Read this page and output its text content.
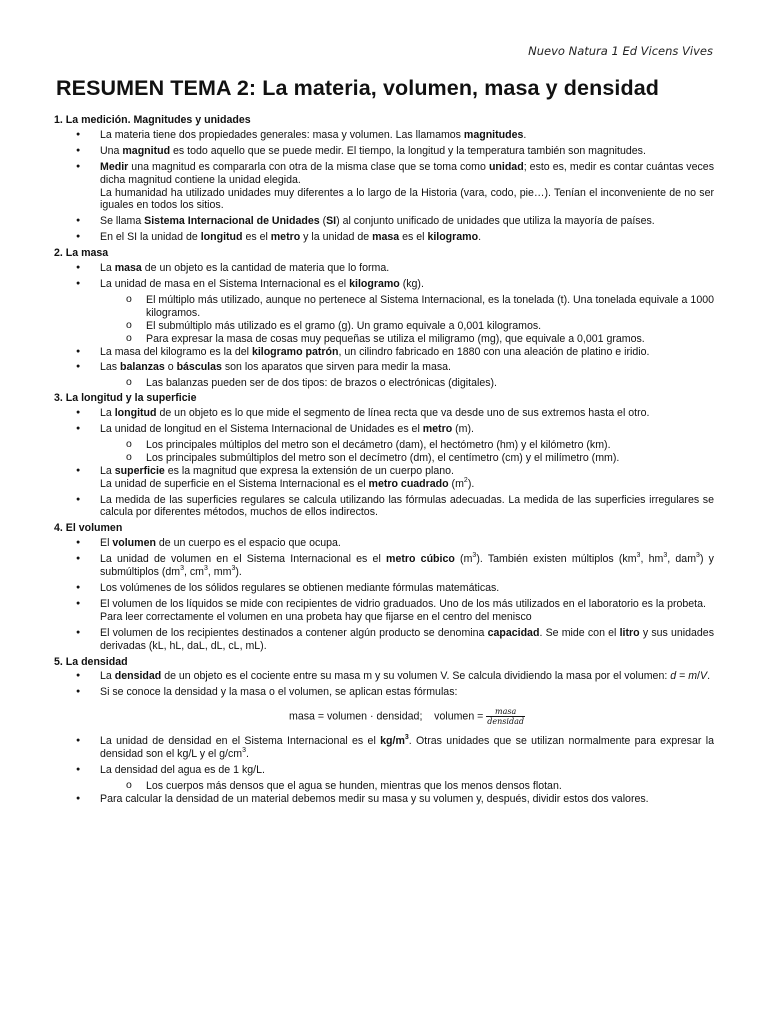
Nuevo Natura 1 Ed Vicens Vives
RESUMEN TEMA 2: La materia, volumen, masa y densidad
1. La medición. Magnitudes y unidades
● La materia tiene dos propiedades generales: masa y volumen. Las llamamos magnitudes.
● Una magnitud es todo aquello que se puede medir. El tiempo, la longitud y la temperatura también son magnitudes.
● Medir una magnitud es compararla con otra de la misma clase que se toma como unidad; esto es, medir es contar cuántas veces dicha magnitud contiene la unidad elegida.
La humanidad ha utilizado unidades muy diferentes a lo largo de la Historia (vara, codo, pie…). Tenían el inconveniente de no ser iguales en todos los sitios.
● Se llama Sistema Internacional de Unidades (SI) al conjunto unificado de unidades que utiliza la mayoría de países.
● En el SI la unidad de longitud es el metro y la unidad de masa es el kilogramo.
2. La masa
● La masa de un objeto es la cantidad de materia que lo forma.
● La unidad de masa en el Sistema Internacional es el kilogramo (kg).
o El múltiplo más utilizado, aunque no pertenece al Sistema Internacional, es la tonelada (t). Una tonelada equivale a 1000 kilogramos.
o El submúltiplo más utilizado es el gramo (g). Un gramo equivale a 0,001 kilogramos.
o Para expresar la masa de cosas muy pequeñas se utiliza el miligramo (mg), que equivale a 0,001 gramos.
● La masa del kilogramo es la del kilogramo patrón, un cilindro fabricado en 1880 con una aleación de platino e iridio.
● Las balanzas o básculas son los aparatos que sirven para medir la masa.
o Las balanzas pueden ser de dos tipos: de brazos o electrónicas (digitales).
3. La longitud y la superficie
● La longitud de un objeto es lo que mide el segmento de línea recta que va desde uno de sus extremos hasta el otro.
● La unidad de longitud en el Sistema Internacional de Unidades es el metro (m).
o Los principales múltiplos del metro son el decámetro (dam), el hectómetro (hm) y el kilómetro (km).
o Los principales submúltiplos del metro son el decímetro (dm), el centímetro (cm) y el milímetro (mm).
● La superficie es la magnitud que expresa la extensión de un cuerpo plano.
La unidad de superficie en el Sistema Internacional es el metro cuadrado $(m^2)$.
● La medida de las superficies regulares se calcula utilizando las fórmulas adecuadas. La medida de las superficies irregulares se calcula por diferentes métodos, muchos de ellos indirectos.
4. El volumen
● El volumen de un cuerpo es el espacio que ocupa.
● La unidad de volumen en el Sistema Internacional es el metro cúbico $(m^3)$. También existen múltiplos ($km^3$, $hm^3$, dam$^3$) y submúltiplos ($dm^3$, $cm^3$, $mm^3$).
● Los volúmenes de los sólidos regulares se obtienen mediante fórmulas matemáticas.
● El volumen de los líquidos se mide con recipientes de vidrio graduados. Uno de los más utilizados en el laboratorio es la probeta.
Para leer correctamente el volumen en una probeta hay que fijarse en el centro del menisco
● El volumen de los recipientes destinados a contener algún producto se denomina capacidad. Se mide con el litro y sus unidades derivadas (kL, hL, daL, dL, cL, mL).
5. La densidad
● La densidad de un objeto es el cociente entre su masa m y su volumen V. Se calcula dividiendo la masa por el volumen: d = m/V.
● Si se conoce la densidad y la masa o el volumen, se aplican estas fórmulas:
masa = volumen · densidad;    volumen = $\frac{\text{masa}}{\text{densidad}}$
● La unidad de densidad en el Sistema Internacional es el $kg/m^3$. Otras unidades que se utilizan normalmente para expresar la densidad son el kg/L y el $g/cm^3$.
● La densidad del agua es de 1 kg/L.
o Los cuerpos más densos que el agua se hunden, mientras que los menos densos flotan.
● Para calcular la densidad de un material debemos medir su masa y su volumen y, después, dividir estos dos valores.
